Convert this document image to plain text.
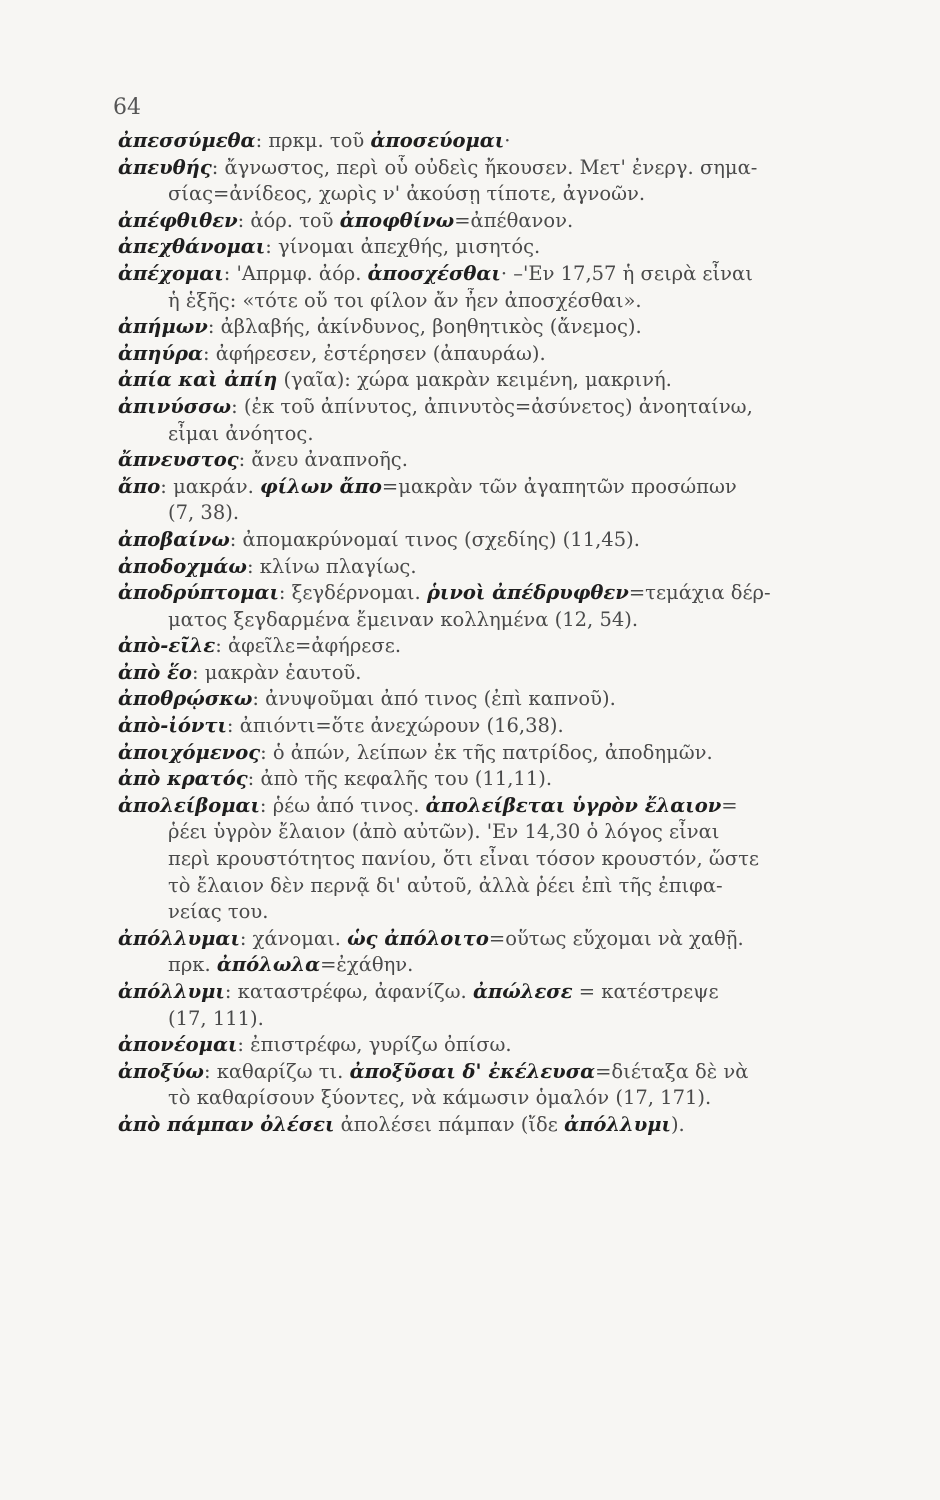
64
ἀπεσσύμεθα: πρκμ. τοῦ ἀποσεύομαι·
ἀπευθής: ἄγνωστος, περὶ οὗ οὐδεὶς ἤκουσεν. Μετ' ἐνεργ. σημα-
σίας=ἀνίδεος, χωρὶς ν' ἀκούσῃ τίποτε, ἀγνοῶν.
ἀπέφθιθεν: ἀόρ. τοῦ ἀποφθίνω=ἀπέθανον.
ἀπεχθάνομαι: γίνομαι ἀπεχθής, μισητός.
ἀπέχομαι: 'Απρμφ. ἀόρ. ἀποσχέσθαι· –'Εν 17,57 ἡ σειρὰ εἶναι
ἡ ἑξῆς: «τότε οὔ τοι φίλον ἄν ἦεν ἀποσχέσθαι».
ἀπήμων: ἀβλαβής, ἀκίνδυνος, βοηθητικὸς (ἄνεμος).
ἀπηύρα: ἀφήρεσεν, ἐστέρησεν (ἀπαυράω).
ἀπία καὶ ἀπίη (γαῖα): χώρα μακρὰν κειμένη, μακρινή.
ἀπινύσσω: (ἐκ τοῦ ἀπίνυτος, ἀπινυτὸς=ἀσύνετος) ἀνοηταίνω,
εἶμαι ἀνόητος.
ἄπνευστος: ἄνευ ἀναπνοῆς.
ἄπο: μακράν. φίλων ἄπο=μακρὰν τῶν ἀγαπητῶν προσώπων
(7, 38).
ἀποβαίνω: ἀπομακρύνομαί τινος (σχεδίης) (11,45).
ἀποδοχμάω: κλίνω πλαγίως.
ἀποδρύπτομαι: ξεγδέρνομαι. ῥινοὶ ἀπέδρυφθεν=τεμάχια δέρ-
ματος ξεγδαρμένα ἔμειναν κολλημένα (12, 54).
ἀπὸ-εῖλε: ἀφεῖλε=ἀφήρεσε.
ἀπὸ ἕο: μακρὰν ἑαυτοῦ.
ἀποθρῴσκω: ἀνυψοῦμαι ἀπό τινος (ἐπὶ καπνοῦ).
ἀπὸ-ἰόντι: ἀπιόντι=ὅτε ἀνεχώρουν (16,38).
ἀποιχόμενος: ὁ ἀπών, λείπων ἐκ τῆς πατρίδος, ἀποδημῶν.
ἀπὸ κρατός: ἀπὸ τῆς κεφαλῆς του (11,11).
ἀπολείβομαι: ῥέω ἀπό τινος. ἀπολείβεται ὑγρὸν ἔλαιον=
ῥέει ὑγρὸν ἔλαιον (ἀπὸ αὐτῶν). 'Εν 14,30 ὁ λόγος εἶναι
περὶ κρουστότητος πανίου, ὅτι εἶναι τόσον κρουστόν, ὥστε
τὸ ἔλαιον δὲν περνᾷ δι' αὐτοῦ, ἀλλὰ ῥέει ἐπὶ τῆς ἐπιφα-
νείας του.
ἀπόλλυμαι: χάνομαι. ὡς ἀπόλοιτο=οὕτως εὔχομαι νὰ χαθῇ.
πρκ. ἀπόλωλα=ἐχάθην.
ἀπόλλυμι: καταστρέφω, ἀφανίζω. ἀπώλεσε = κατέστρεψε
(17, 111).
ἀπονέομαι: ἐπιστρέφω, γυρίζω ὀπίσω.
ἀποξύω: καθαρίζω τι. ἀποξῦσαι δ' ἐκέλευσα=διέταξα δὲ νὰ
τὸ καθαρίσουν ξύοντες, νὰ κάμωσιν ὁμαλόν (17, 171).
ἀπὸ πάμπαν ὀλέσει ἀπολέσει πάμπαν (ἴδε ἀπόλλυμι).
